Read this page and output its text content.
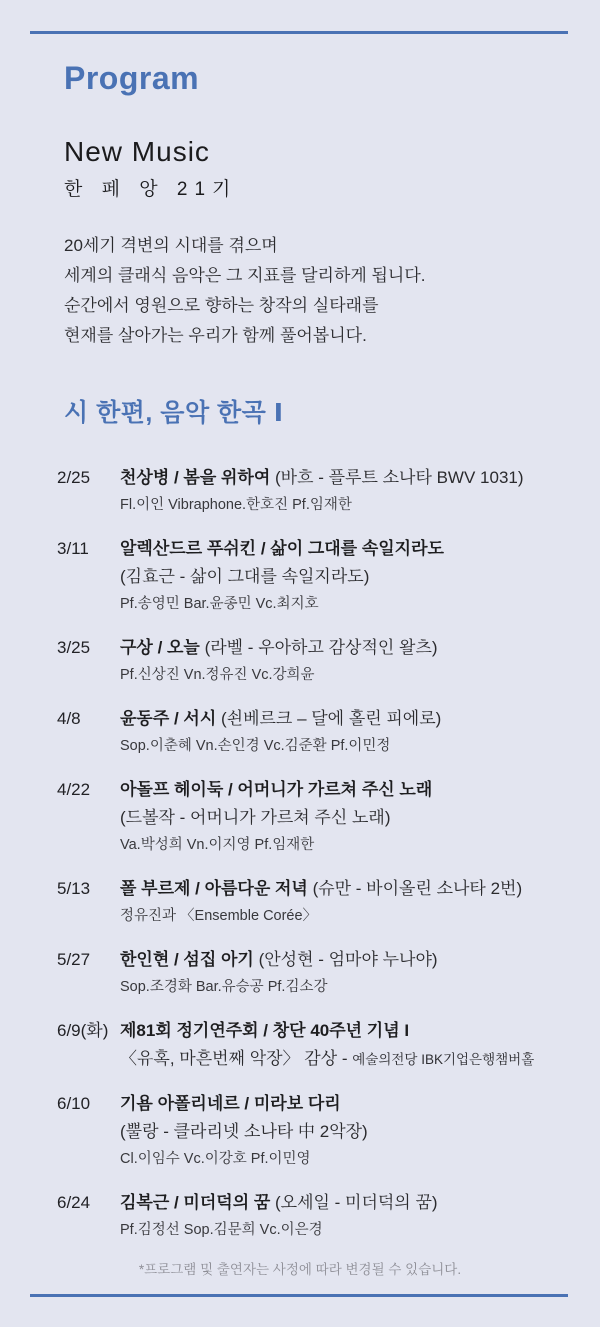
Program
New Music
한 페 앙 21기

20세기 격변의 시대를 겪으며
세계의 클래식 음악은 그 지표를 달리하게 됩니다.
순간에서 영원으로 향하는 창작의 실타래를
현재를 살아가는 우리가 함께 풀어봅니다.

시 한편, 음악 한곡 Ⅰ
2/25	천상병 / 봄을 위하여 (바흐 - 플루트 소나타 BWV 1031)
Fl.이인 Vibraphone.한호진 Pf.임재한
3/11	알렉산드르 푸쉬킨 / 삶이 그대를 속일지라도
(김효근 - 삶이 그대를 속일지라도)
Pf.송영민 Bar.윤종민 Vc.최지호
3/25	구상 / 오늘 (라벨 - 우아하고 감상적인 왈츠)
Pf.신상진 Vn.정유진 Vc.강희윤
4/8	윤동주 / 서시 (쇤베르크 – 달에 홀린 피에로)
Sop.이춘혜 Vn.손인경 Vc.김준환 Pf.이민정
4/22	아돌프 헤이둑 / 어머니가 가르쳐 주신 노래
(드볼작 - 어머니가 가르쳐 주신 노래)
Va.박성희 Vn.이지영 Pf.임재한
5/13	폴 부르제 / 아름다운 저녁 (슈만 - 바이올린 소나타 2번)
정유진과 〈Ensemble Corée〉
5/27	한인현 / 섬집 아기 (안성현 - 엄마야 누나야)
Sop.조경화 Bar.유승공 Pf.김소강
6/9(화) 제81회 정기연주회 / 창단 40주년 기념 I
〈유혹, 마흔번째 악장〉 감상 - 예술의전당 IBK기업은행챔버홀
6/10	기욤 아폴리네르 / 미라보 다리
(뿔랑 - 클라리넷 소나타 中 2악장)
Cl.이임수 Vc.이강호 Pf.이민영
6/24	김복근 / 미더덕의 꿈 (오세일 - 미더덕의 꿈)
Pf.김정선 Sop.김문희 Vc.이은경
*프로그램 및 출연자는 사정에 따라 변경될 수 있습니다.
